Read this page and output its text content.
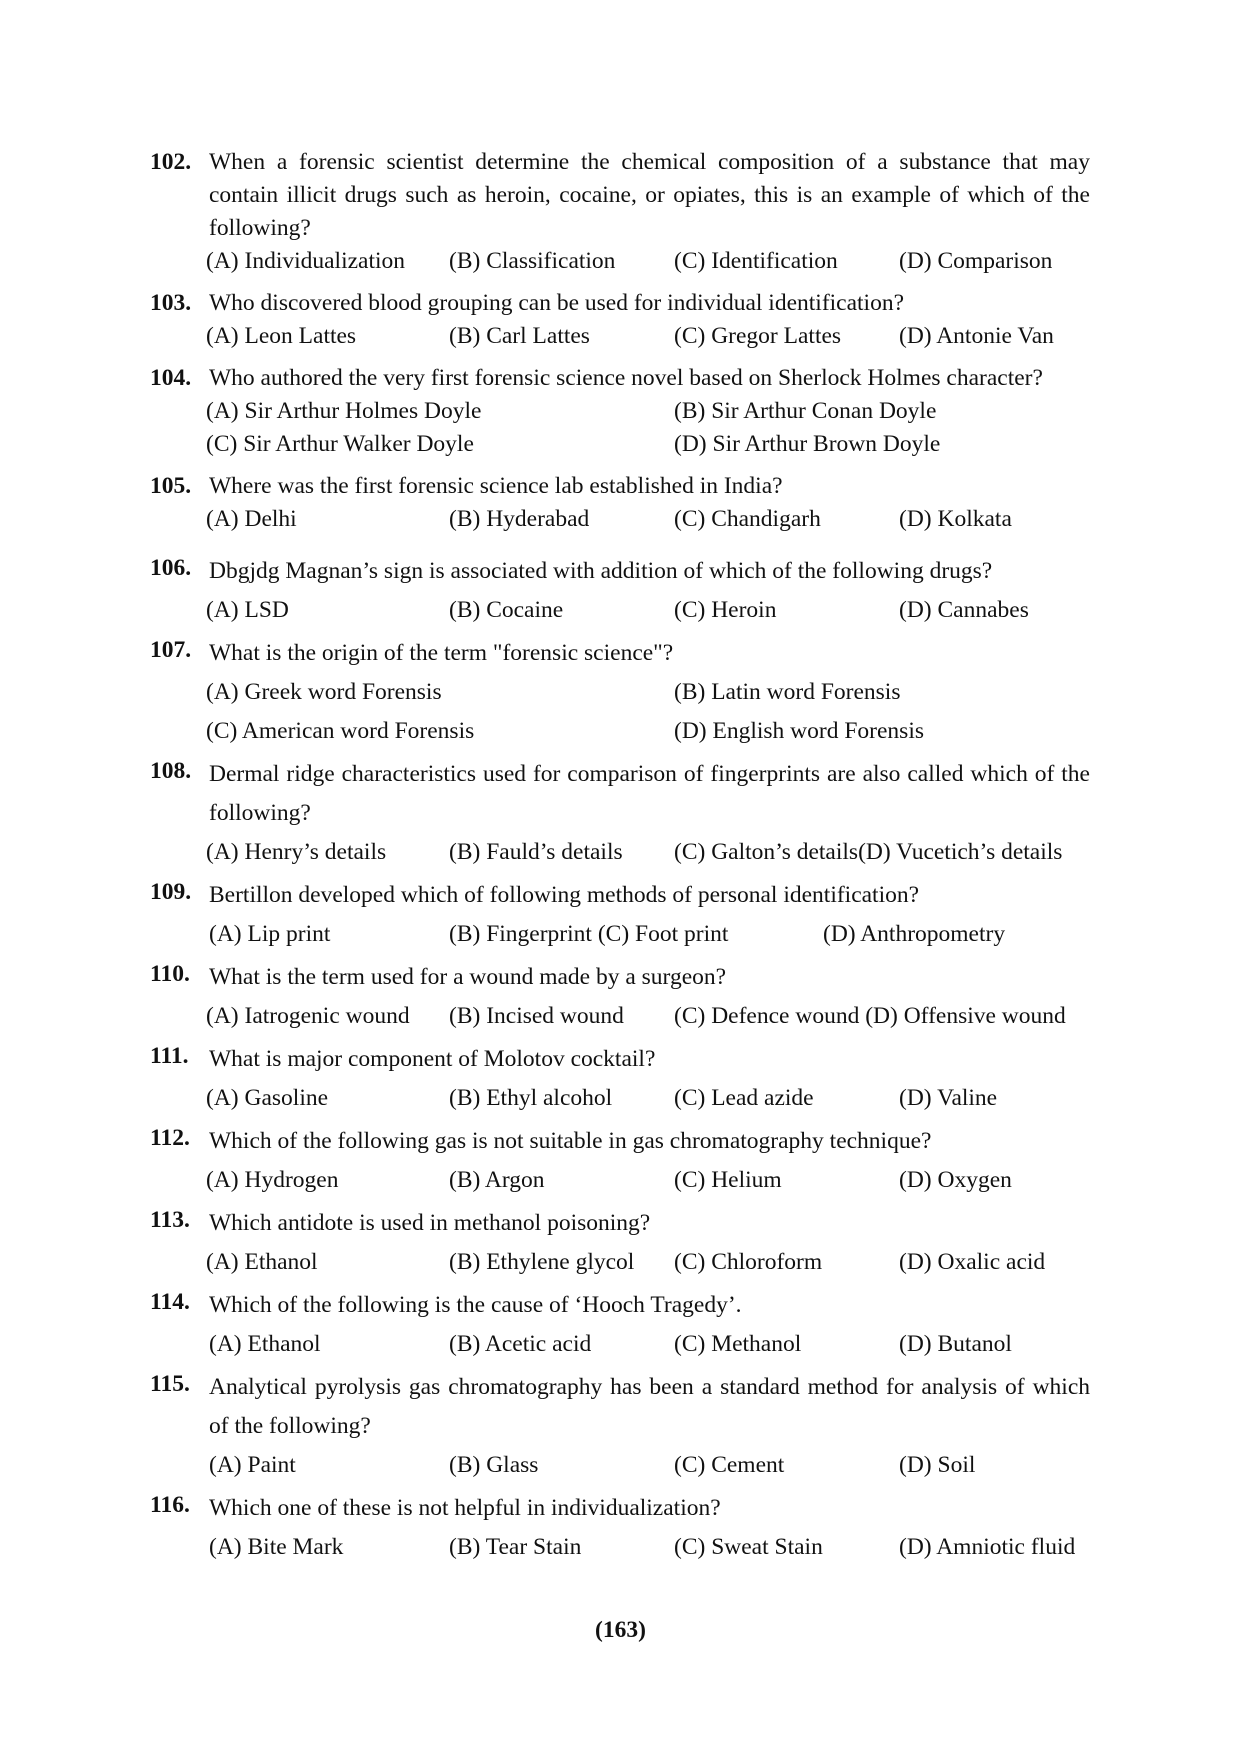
102. When a forensic scientist determine the chemical composition of a substance that may contain illicit drugs such as heroin, cocaine, or opiates, this is an example of which of the following?
(A) Individualization (B) Classification (C) Identification	(D) Comparison
103. Who discovered blood grouping can be used for individual identification?
(A) Leon Lattes	(B) Carl Lattes	(C) Gregor Lattes (D) Antonie Van
104. Who authored the very first forensic science novel based on Sherlock Holmes character?
(A) Sir Arthur Holmes Doyle	(B) Sir Arthur Conan Doyle
(C) Sir Arthur Walker Doyle	(D) Sir Arthur Brown Doyle
105. Where was the first forensic science lab established in India?
(A) Delhi	(B) Hyderabad	(C) Chandigarh	(D) Kolkata
106. Dbgjdg Magnan’s sign is associated with addition of which of the following drugs?
(A) LSD	(B) Cocaine	(C) Heroin	(D) Cannabes
107. What is the origin of the term "forensic science"?
(A) Greek word Forensis	(B) Latin word Forensis
(C) American word Forensis	(D) English word Forensis
108. Dermal ridge characteristics used for comparison of fingerprints are also called which of the following?
(A) Henry’s details	(B) Fauld’s details (C) Galton’s details(D) Vucetich’s details
109. Bertillon developed which of following methods of personal identification?
(A) Lip print	(B) Fingerprint (C) Foot print	(D) Anthropometry
110. What is the term used for a wound made by a surgeon?
(A) Iatrogenic wound (B) Incised wound (C) Defence wound (D) Offensive wound
111. What is major component of Molotov cocktail?
(A) Gasoline	(B) Ethyl alcohol	(C) Lead azide	(D) Valine
112. Which of the following gas is not suitable in gas chromatography technique?
(A) Hydrogen	(B) Argon	(C) Helium	(D) Oxygen
113. Which antidote is used in methanol poisoning?
(A) Ethanol	(B) Ethylene glycol (C) Chloroform	(D) Oxalic acid
114. Which of the following is the cause of ‘Hooch Tragedy’.
(A) Ethanol	(B) Acetic acid	(C) Methanol	(D) Butanol
115. Analytical pyrolysis gas chromatography has been a standard method for analysis of which of the following?
(A) Paint	(B) Glass	(C) Cement	(D) Soil
116. Which one of these is not helpful in individualization?
(A) Bite Mark	(B) Tear Stain	(C) Sweat Stain	(D) Amniotic fluid
(163)
